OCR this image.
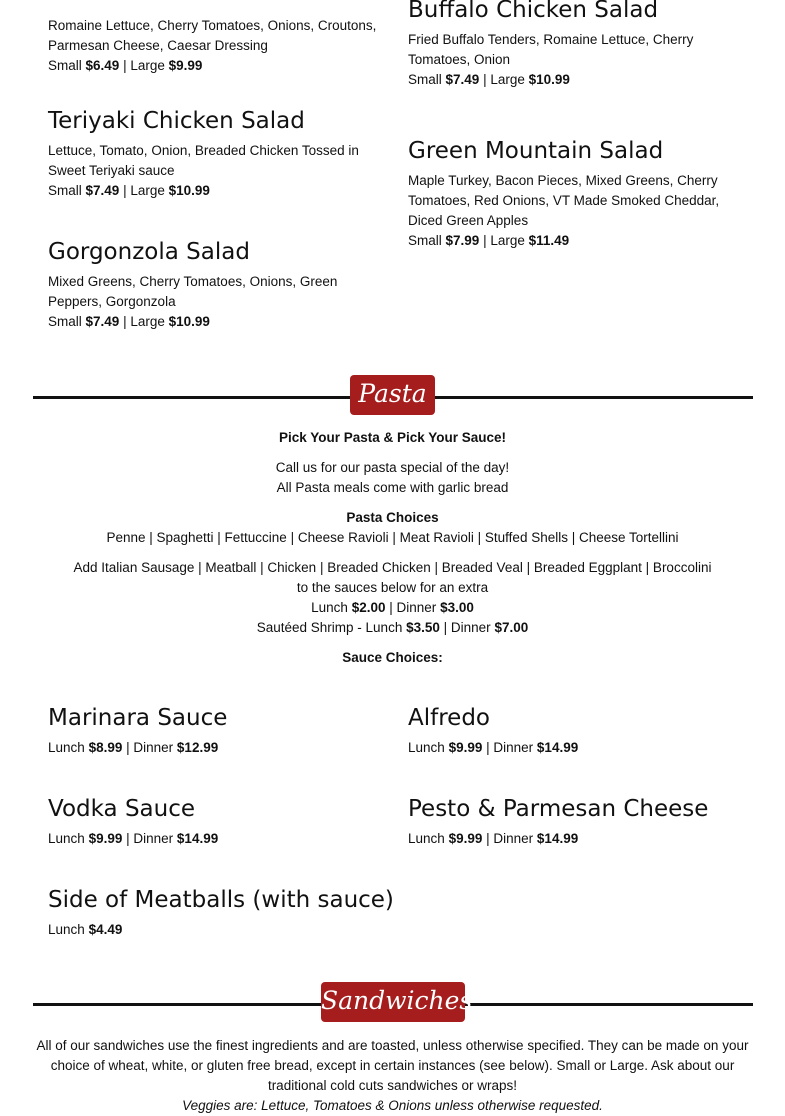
Romaine Lettuce, Cherry Tomatoes, Onions, Croutons, Parmesan Cheese, Caesar Dressing
Small $6.49 | Large $9.99
Buffalo Chicken Salad
Fried Buffalo Tenders, Romaine Lettuce, Cherry Tomatoes, Onion
Small $7.49 | Large $10.99
Teriyaki Chicken Salad
Lettuce, Tomato, Onion, Breaded Chicken Tossed in Sweet Teriyaki sauce
Small $7.49 | Large $10.99
Green Mountain Salad
Maple Turkey, Bacon Pieces, Mixed Greens, Cherry Tomatoes, Red Onions, VT Made Smoked Cheddar, Diced Green Apples
Small $7.99 | Large $11.49
Gorgonzola Salad
Mixed Greens, Cherry Tomatoes, Onions, Green Peppers, Gorgonzola
Small $7.49 | Large $10.99
Pasta
Pick Your Pasta & Pick Your Sauce!
Call us for our pasta special of the day!
All Pasta meals come with garlic bread
Pasta Choices
Penne | Spaghetti | Fettuccine | Cheese Ravioli | Meat Ravioli | Stuffed Shells | Cheese Tortellini
Add Italian Sausage | Meatball | Chicken | Breaded Chicken | Breaded Veal | Breaded Eggplant | Broccolini
to the sauces below for an extra
Lunch $2.00 | Dinner $3.00
Sautéed Shrimp - Lunch $3.50 | Dinner $7.00
Sauce Choices:
Marinara Sauce
Lunch $8.99 | Dinner $12.99
Alfredo
Lunch $9.99 | Dinner $14.99
Vodka Sauce
Lunch $9.99 | Dinner $14.99
Pesto & Parmesan Cheese
Lunch $9.99 | Dinner $14.99
Side of Meatballs (with sauce)
Lunch $4.49
Sandwiches
All of our sandwiches use the finest ingredients and are toasted, unless otherwise specified. They can be made on your
choice of wheat, white, or gluten free bread, except in certain instances (see below). Small or Large. Ask about our
traditional cold cuts sandwiches or wraps!
Veggies are: Lettuce, Tomatoes & Onions unless otherwise requested.
